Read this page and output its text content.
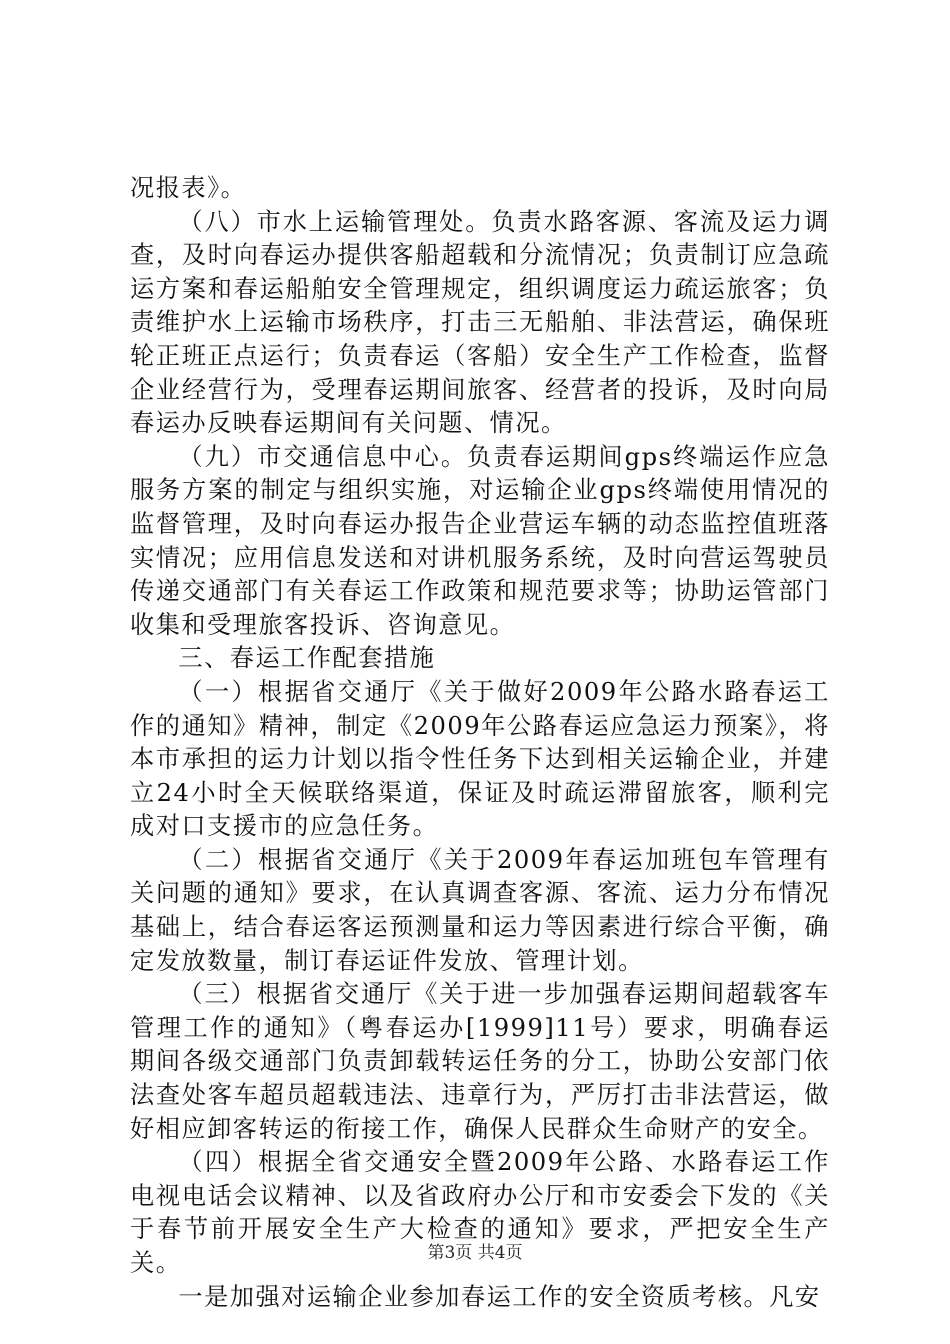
况报表》。

（八）市水上运输管理处。负责水路客源、客流及运力调查，及时向春运办提供客船超载和分流情况；负责制订应急疏运方案和春运船舶安全管理规定，组织调度运力疏运旅客；负责维护水上运输市场秩序，打击三无船舶、非法营运，确保班轮正班正点运行；负责春运（客船）安全生产工作检查，监督企业经营行为，受理春运期间旅客、经营者的投诉，及时向局春运办反映春运期间有关问题、情况。

（九）市交通信息中心。负责春运期间gps终端运作应急服务方案的制定与组织实施，对运输企业gps终端使用情况的监督管理，及时向春运办报告企业营运车辆的动态监控值班落实情况；应用信息发送和对讲机服务系统，及时向营运驾驶员传递交通部门有关春运工作政策和规范要求等；协助运管部门收集和受理旅客投诉、咨询意见。

三、春运工作配套措施

（一）根据省交通厅《关于做好2009年公路水路春运工作的通知》精神，制定《2009年公路春运应急运力预案》，将本市承担的运力计划以指令性任务下达到相关运输企业，并建立24小时全天候联络渠道，保证及时疏运滞留旅客，顺利完成对口支援市的应急任务。

（二）根据省交通厅《关于2009年春运加班包车管理有关问题的通知》要求，在认真调查客源、客流、运力分布情况基础上，结合春运客运预测量和运力等因素进行综合平衡，确定发放数量，制订春运证件发放、管理计划。

（三）根据省交通厅《关于进一步加强春运期间超载客车管理工作的通知》（粤春运办[1999]11号）要求，明确春运期间各级交通部门负责卸载转运任务的分工，协助公安部门依法查处客车超员超载违法、违章行为，严厉打击非法营运，做好相应卸客转运的衔接工作，确保人民群众生命财产的安全。

（四）根据全省交通安全暨2009年公路、水路春运工作电视电话会议精神、以及省政府办公厅和市安委会下发的《关于春节前开展安全生产大检查的通知》要求，严把安全生产关。

一是加强对运输企业参加春运工作的安全资质考核。凡安

第3页 共4页
